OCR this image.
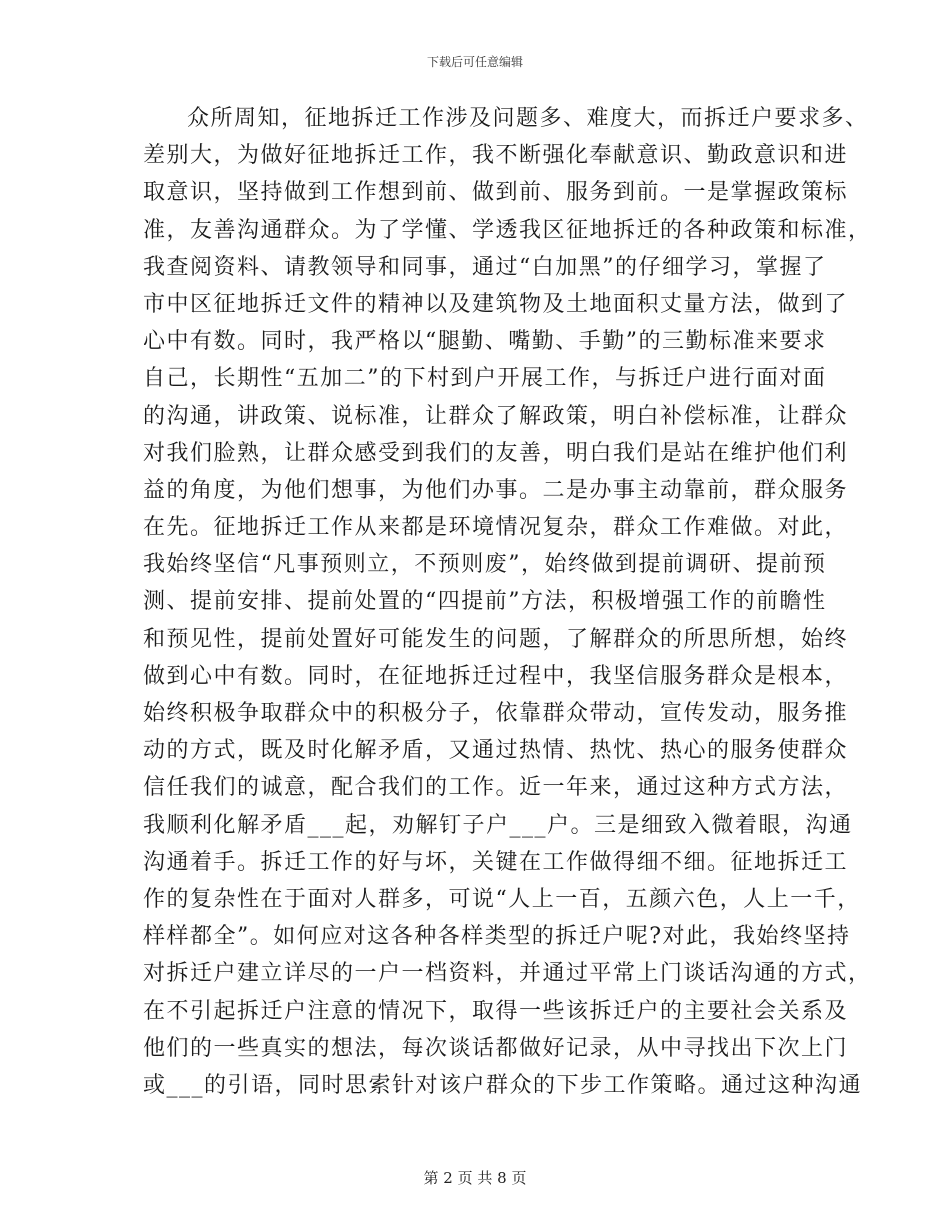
下载后可任意编辑
众所周知，征地拆迁工作涉及问题多、难度大，而拆迁户要求多、
差别大，为做好征地拆迁工作，我不断强化奉献意识、勤政意识和进
取意识，坚持做到工作想到前、做到前、服务到前。一是掌握政策标
准，友善沟通群众。为了学懂、学透我区征地拆迁的各种政策和标准，
我查阅资料、请教领导和同事，通过“白加黑”的仔细学习，掌握了
市中区征地拆迁文件的精神以及建筑物及土地面积丈量方法，做到了
心中有数。同时，我严格以“腿勤、嘴勤、手勤”的三勤标准来要求
自己，长期性“五加二”的下村到户开展工作，与拆迁户进行面对面
的沟通，讲政策、说标准，让群众了解政策，明白补偿标准，让群众
对我们脸熟，让群众感受到我们的友善，明白我们是站在维护他们利
益的角度，为他们想事，为他们办事。二是办事主动靠前，群众服务
在先。征地拆迁工作从来都是环境情况复杂，群众工作难做。对此，
我始终坚信“凡事预则立，不预则废”，始终做到提前调研、提前预
测、提前安排、提前处置的“四提前”方法，积极增强工作的前瞻性
和预见性，提前处置好可能发生的问题，了解群众的所思所想，始终
做到心中有数。同时，在征地拆迁过程中，我坚信服务群众是根本，
始终积极争取群众中的积极分子，依靠群众带动，宣传发动，服务推
动的方式，既及时化解矛盾，又通过热情、热忱、热心的服务使群众
信任我们的诚意，配合我们的工作。近一年来，通过这种方式方法，
我顺利化解矛盾___起，劝解钉子户___户。三是细致入微着眼，沟通
沟通着手。拆迁工作的好与坏，关键在工作做得细不细。征地拆迁工
作的复杂性在于面对人群多，可说“人上一百，五颜六色，人上一千，
样样都全”。如何应对这各种各样类型的拆迁户呢?对此，我始终坚持
对拆迁户建立详尽的一户一档资料，并通过平常上门谈话沟通的方式，
在不引起拆迁户注意的情况下，取得一些该拆迁户的主要社会关系及
他们的一些真实的想法，每次谈话都做好记录，从中寻找出下次上门
或___的引语，同时思索针对该户群众的下步工作策略。通过这种沟通
第 2 页 共 8 页
